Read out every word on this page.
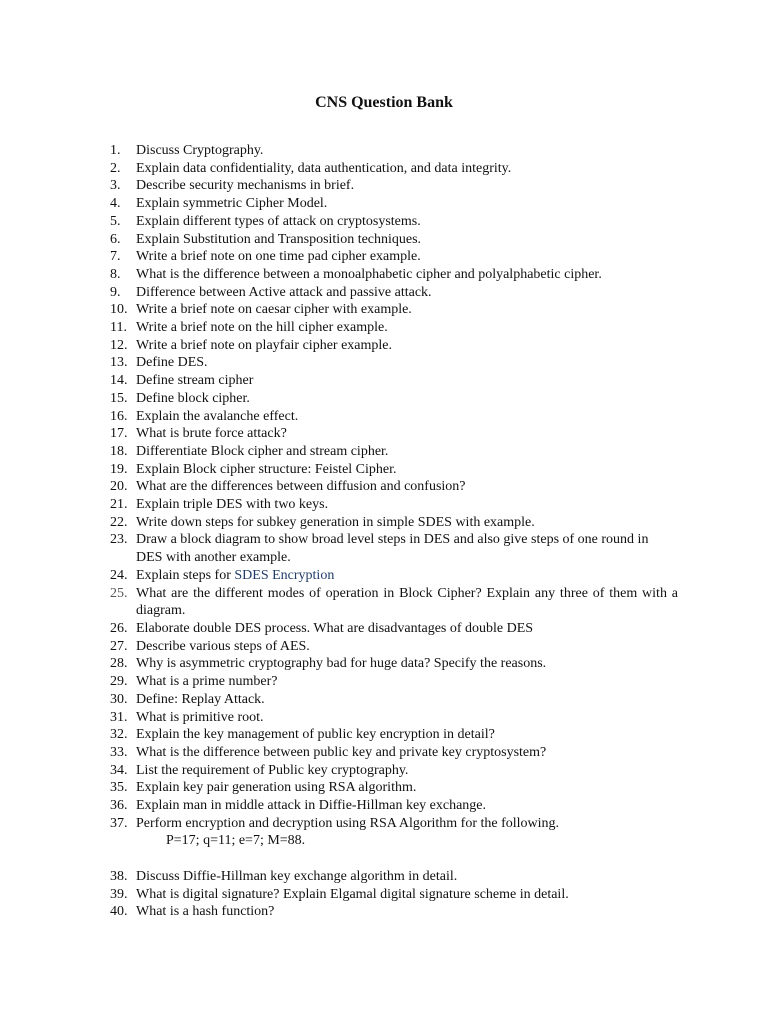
CNS Question Bank
1.	Discuss Cryptography.
2.	Explain data confidentiality, data authentication, and data integrity.
3.	Describe security mechanisms in brief.
4.	Explain symmetric Cipher Model.
5.	Explain different types of attack on cryptosystems.
6.	Explain Substitution and Transposition techniques.
7.	Write a brief note on one time pad cipher example.
8.	What is the difference between a monoalphabetic cipher and polyalphabetic cipher.
9.	Difference between Active attack and passive attack.
10. Write a brief note on caesar cipher with example.
11. Write a brief note on the hill cipher example.
12. Write a brief note on playfair cipher example.
13. Define DES.
14. Define stream cipher
15. Define block cipher.
16. Explain the avalanche effect.
17. What is brute force attack?
18. Differentiate Block cipher and stream cipher.
19. Explain Block cipher structure: Feistel Cipher.
20. What are the differences between diffusion and confusion?
21. Explain triple DES with two keys.
22. Write down steps for subkey generation in simple SDES with example.
23. Draw a block diagram to show broad level steps in DES and also give steps of one round in DES with another example.
24. Explain steps for SDES Encryption
25. What are the different modes of operation in Block Cipher? Explain any three of them with a diagram.
26. Elaborate double DES process. What are disadvantages of double DES
27. Describe various steps of AES.
28. Why is asymmetric cryptography bad for huge data? Specify the reasons.
29. What is a prime number?
30. Define: Replay Attack.
31. What is primitive root.
32. Explain the key management of public key encryption in detail?
33. What is the difference between public key and private key cryptosystem?
34. List the requirement of Public key cryptography.
35. Explain key pair generation using RSA algorithm.
36. Explain man in middle attack in Diffie-Hillman key exchange.
37. Perform encryption and decryption using RSA Algorithm for the following.
P=17; q=11; e=7; M=88.
38. Discuss Diffie-Hillman key exchange algorithm in detail.
39. What is digital signature? Explain Elgamal digital signature scheme in detail.
40. What is a hash function?
